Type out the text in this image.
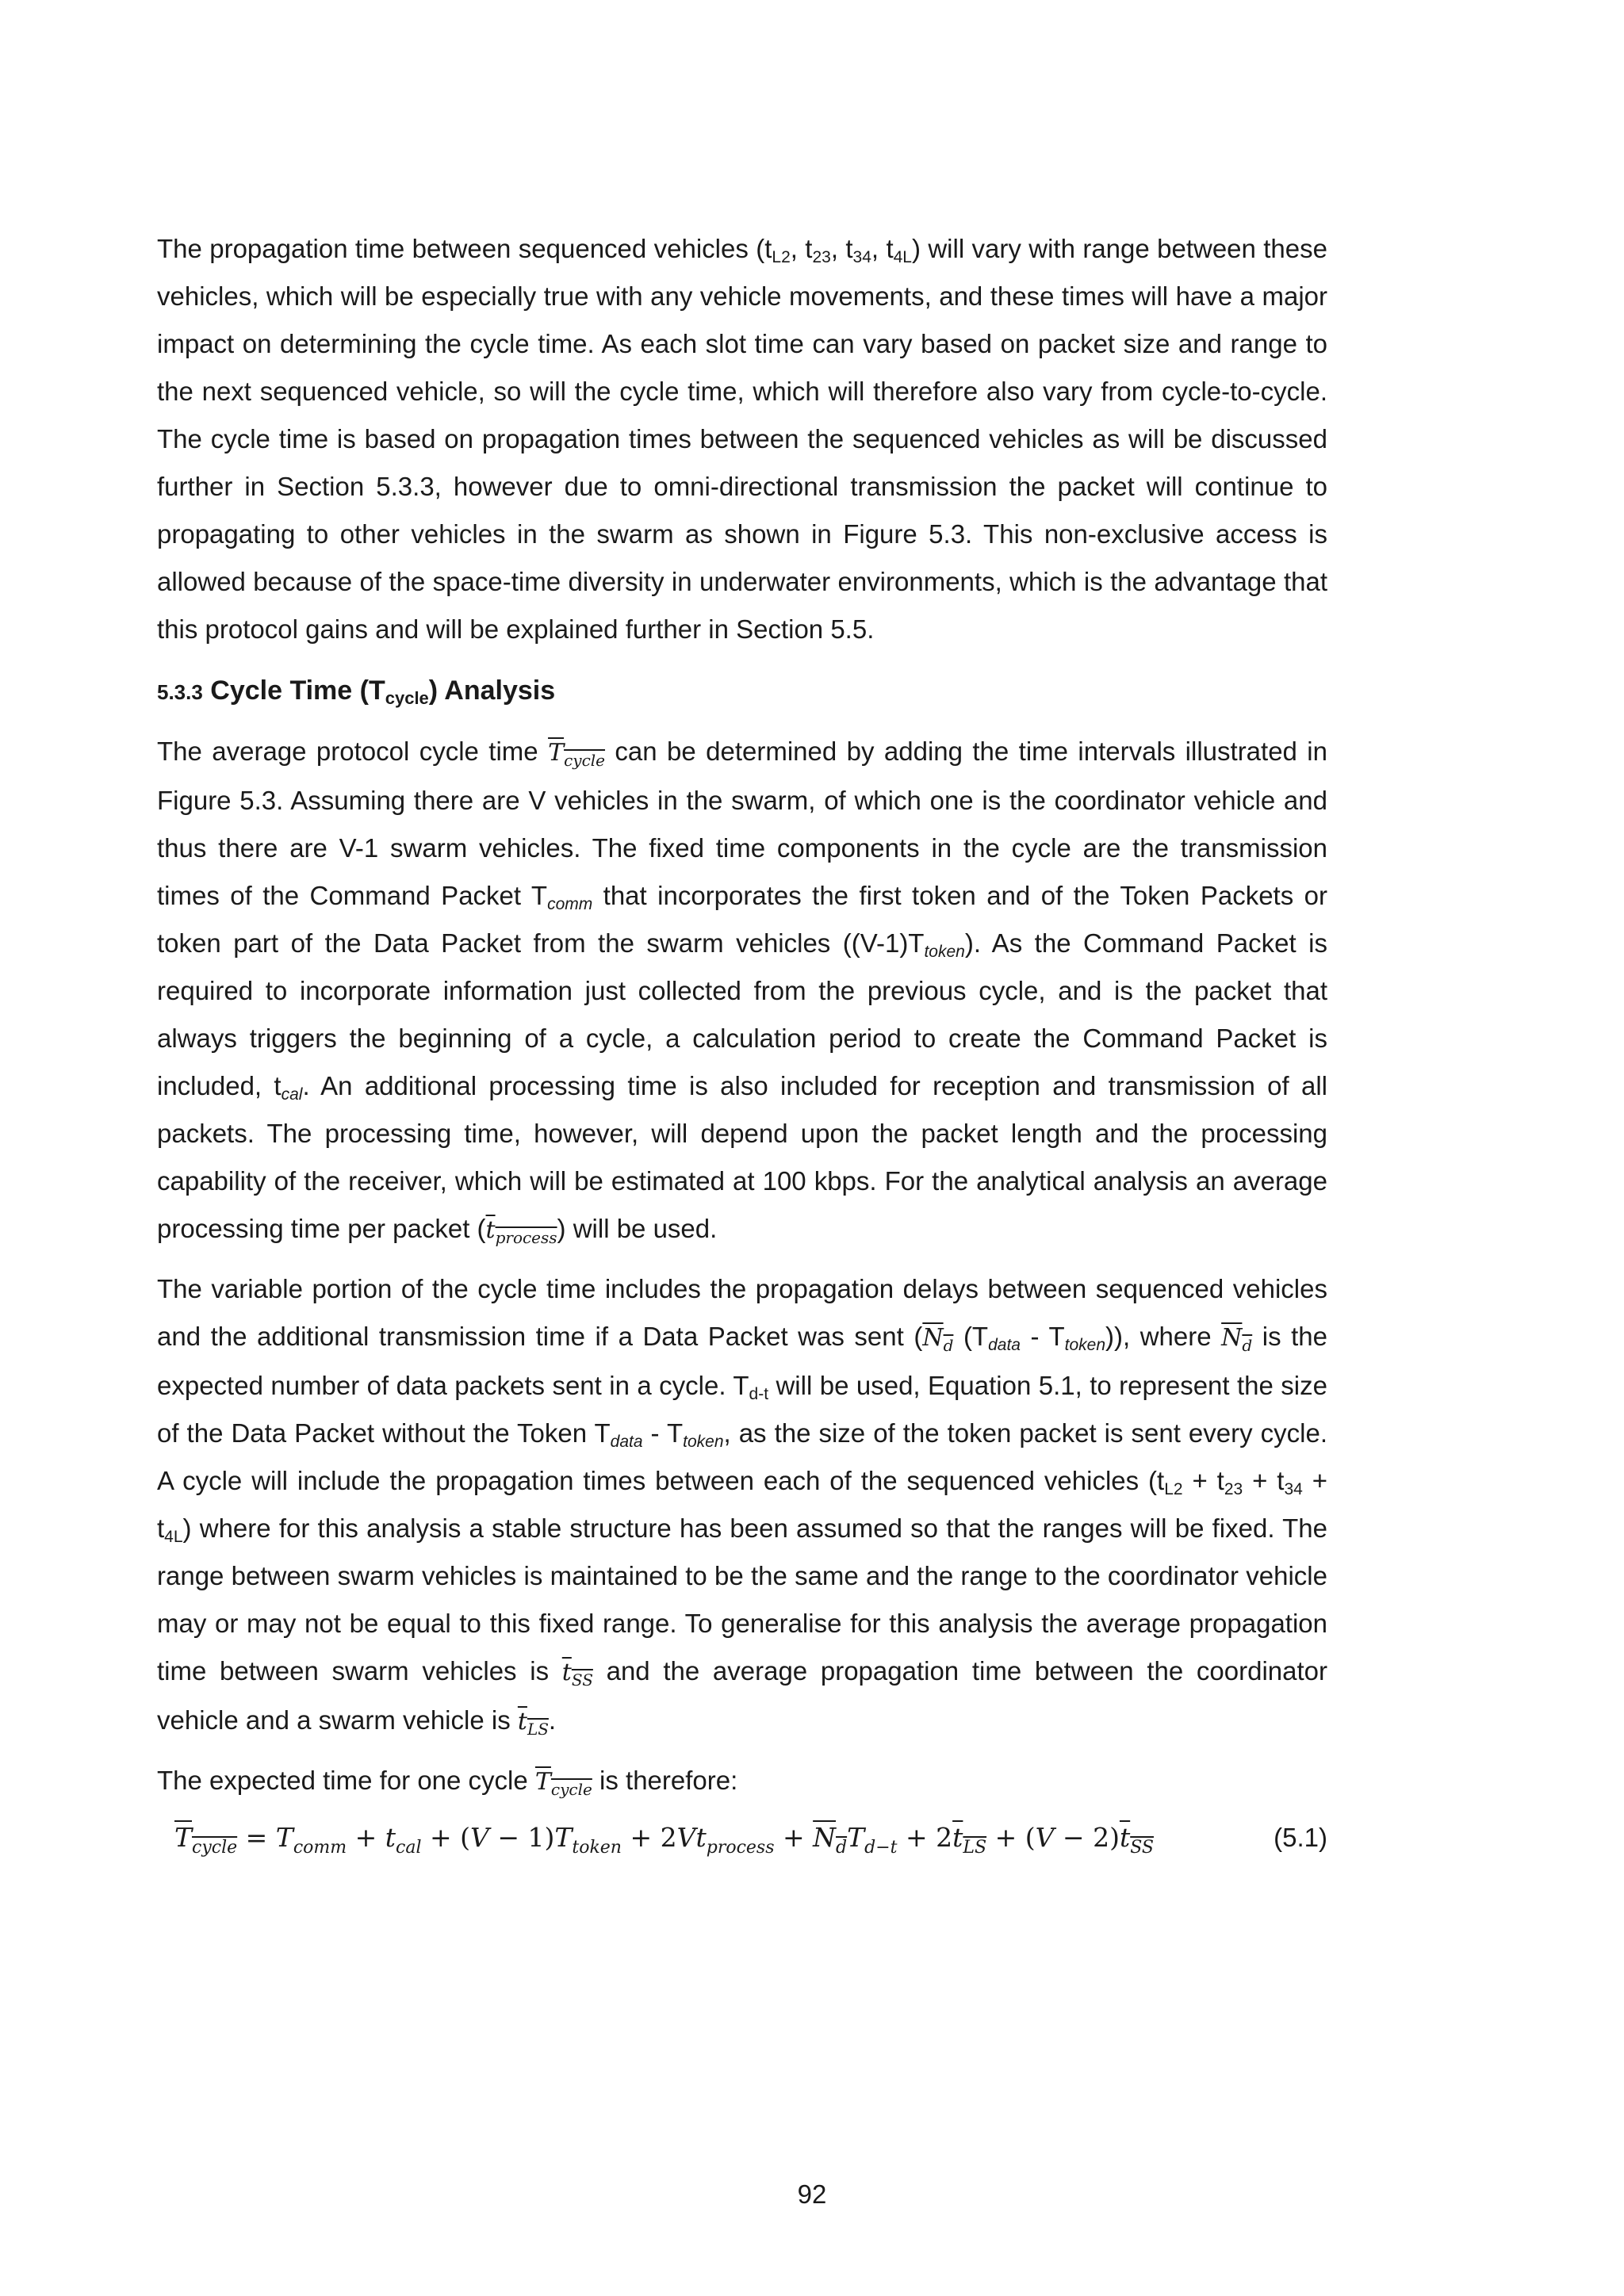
The propagation time between sequenced vehicles ($t_{L2}$, $t_{23}$, $t_{34}$, $t_{4L}$) will vary with range between these vehicles, which will be especially true with any vehicle movements, and these times will have a major impact on determining the cycle time. As each slot time can vary based on packet size and range to the next sequenced vehicle, so will the cycle time, which will therefore also vary from cycle-to-cycle. The cycle time is based on propagation times between the sequenced vehicles as will be discussed further in Section 5.3.3, however due to omni-directional transmission the packet will continue to propagating to other vehicles in the swarm as shown in Figure 5.3. This non-exclusive access is allowed because of the space-time diversity in underwater environments, which is the advantage that this protocol gains and will be explained further in Section 5.5.

5.3.3 Cycle Time $(T_{cycle})$ Analysis

The average protocol cycle time $T_{cycle}$ can be determined by adding the time intervals illustrated in Figure 5.3. Assuming there are V vehicles in the swarm, of which one is the coordinator vehicle and thus there are V-1 swarm vehicles. The fixed time components in the cycle are the transmission times of the Command Packet $T_{comm}$ that incorporates the first token and of the Token Packets or token part of the Data Packet from the swarm vehicles $((V-1)T_{token})$. As the Command Packet is required to incorporate information just collected from the previous cycle, and is the packet that always triggers the beginning of a cycle, a calculation period to create the Command Packet is included, $t_{cal}$. An additional processing time is also included for reception and transmission of all packets. The processing time, however, will depend upon the packet length and the processing capability of the receiver, which will be estimated at 100 kbps. For the analytical analysis an average processing time per packet $(t_{process})$ will be used.

The variable portion of the cycle time includes the propagation delays between sequenced vehicles and the additional transmission time if a Data Packet was sent ($N_d$ $(T_{data} - T_{token})$), where $N_d$ is the expected number of data packets sent in a cycle. $T_{d-t}$ will be used, Equation 5.1, to represent the size of the Data Packet without the Token $T_{data} - T_{token}$, as the size of the token packet is sent every cycle. A cycle will include the propagation times between each of the sequenced vehicles $(t_{L2} + t_{23} + t_{34} + t_{4L})$ where for this analysis a stable structure has been assumed so that the ranges will be fixed. The range between swarm vehicles is maintained to be the same and the range to the coordinator vehicle may or may not be equal to this fixed range. To generalise for this analysis the average propagation time between swarm vehicles is $t_{SS}$ and the average propagation time between the coordinator vehicle and a swarm vehicle is $t_{LS}$.

The expected time for one cycle $T_{cycle}$ is therefore:

$T_{cycle} = T_{comm} + t_{cal} + (V - 1)T_{token} + 2Vt_{process} + N_dT_{d-t} + 2t_{LS} + (V - 2)t_{SS}$	(5.1)
92
